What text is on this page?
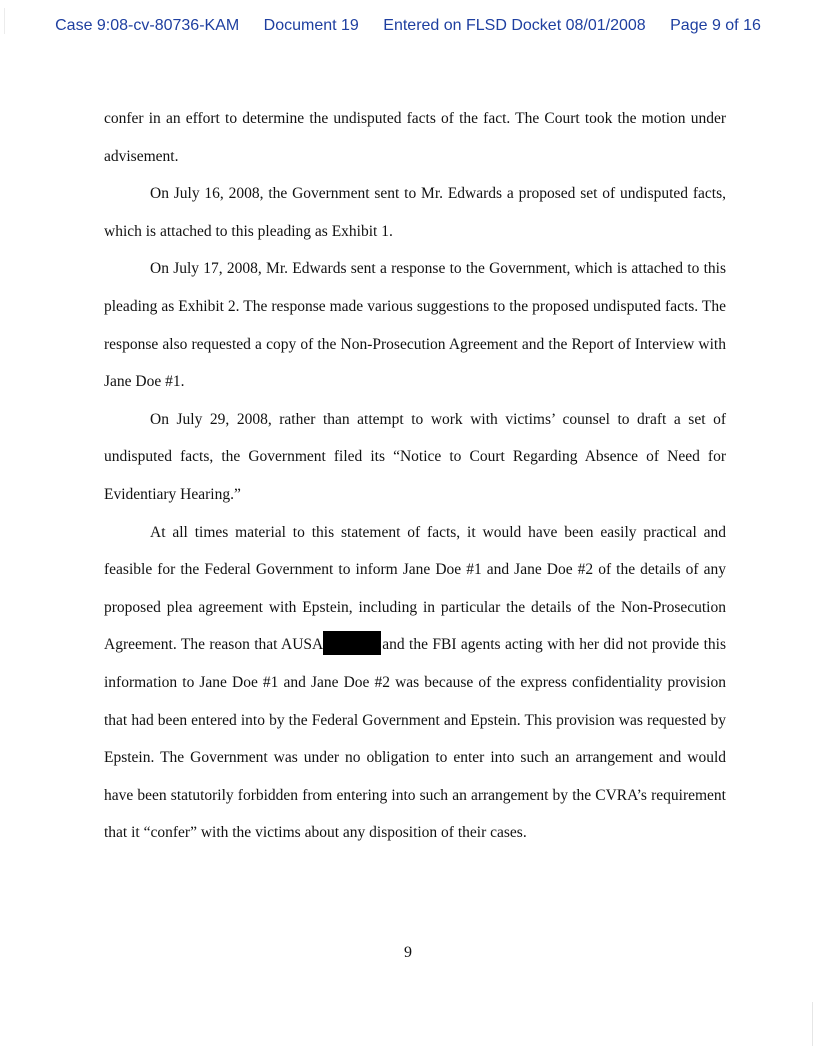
Case 9:08-cv-80736-KAM Document 19 Entered on FLSD Docket 08/01/2008 Page 9 of 16

confer in an effort to determine the undisputed facts of the fact. The Court took the motion under advisement.

On July 16, 2008, the Government sent to Mr. Edwards a proposed set of undisputed facts, which is attached to this pleading as Exhibit 1.

On July 17, 2008, Mr. Edwards sent a response to the Government, which is attached to this pleading as Exhibit 2. The response made various suggestions to the proposed undisputed facts. The response also requested a copy of the Non-Prosecution Agreement and the Report of Interview with Jane Doe #1.

On July 29, 2008, rather than attempt to work with victims’ counsel to draft a set of undisputed facts, the Government filed its “Notice to Court Regarding Absence of Need for Evidentiary Hearing.”

At all times material to this statement of facts, it would have been easily practical and feasible for the Federal Government to inform Jane Doe #1 and Jane Doe #2 of the details of any proposed plea agreement with Epstein, including in particular the details of the Non-Prosecution Agreement. The reason that AUSA	and the FBI agents acting with her did not provide this information to Jane Doe #1 and Jane Doe #2 was because of the express confidentiality provision that had been entered into by the Federal Government and Epstein. This provision was requested by Epstein. The Government was under no obligation to enter into such an arrangement and would have been statutorily forbidden from entering into such an arrangement by the CVRA’s requirement that it “confer” with the victims about any disposition of their cases.

9
